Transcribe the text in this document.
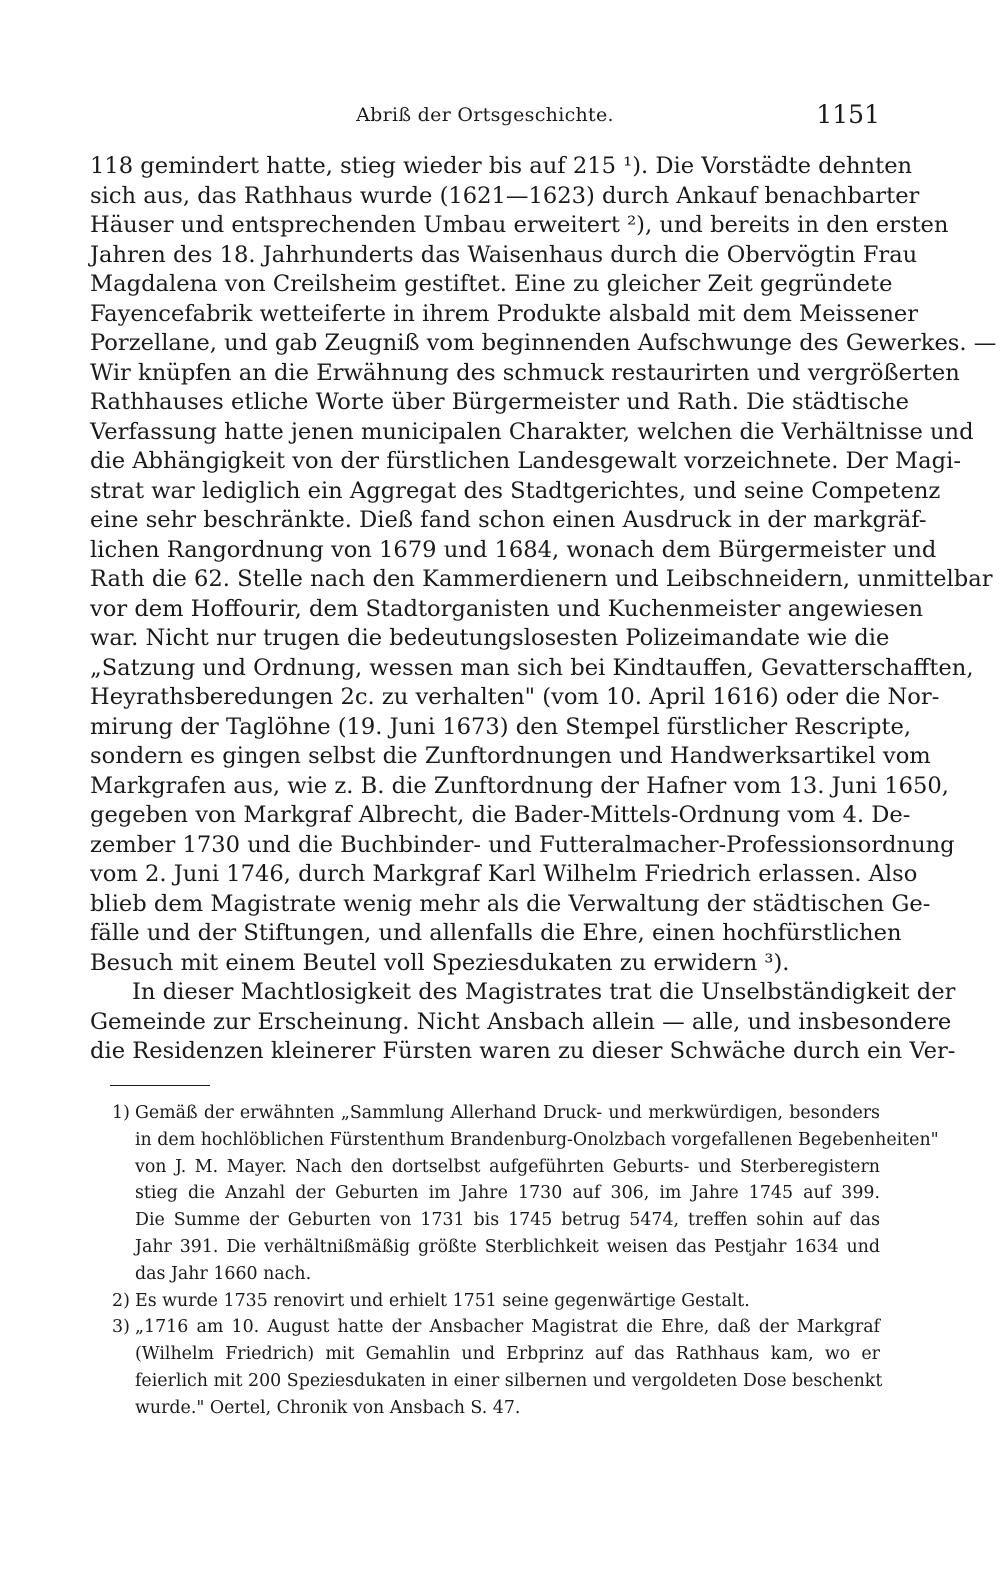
Abriß der Ortsgeschichte.	1151
118 gemindert hatte, stieg wieder bis auf 215 ¹). Die Vorstädte dehnten
sich aus, das Rathhaus wurde (1621—1623) durch Ankauf benachbarter
Häuser und entsprechenden Umbau erweitert ²), und bereits in den ersten
Jahren des 18. Jahrhunderts das Waisenhaus durch die Obervögtin Frau
Magdalena von Creilsheim gestiftet. Eine zu gleicher Zeit gegründete
Fayencefabrik wetteiferte in ihrem Produkte alsbald mit dem Meissener
Porzellane, und gab Zeugniß vom beginnenden Aufschwunge des Gewerkes. —
Wir knüpfen an die Erwähnung des schmuck restaurirten und vergrößerten
Rathhauses etliche Worte über Bürgermeister und Rath. Die städtische
Verfassung hatte jenen municipalen Charakter, welchen die Verhältnisse und
die Abhängigkeit von der fürstlichen Landesgewalt vorzeichnete. Der Magi-
strat war lediglich ein Aggregat des Stadtgerichtes, und seine Competenz
eine sehr beschränkte. Dieß fand schon einen Ausdruck in der markgräf-
lichen Rangordnung von 1679 und 1684, wonach dem Bürgermeister und
Rath die 62. Stelle nach den Kammerdienern und Leibschneidern, unmittelbar
vor dem Hoffourir, dem Stadtorganisten und Kuchenmeister angewiesen
war. Nicht nur trugen die bedeutungslosesten Polizeimandate wie die
„Satzung und Ordnung, wessen man sich bei Kindtauffen, Gevatterschafften,
Heyrathsberedungen 2c. zu verhalten" (vom 10. April 1616) oder die Nor-
mirung der Taglöhne (19. Juni 1673) den Stempel fürstlicher Rescripte,
sondern es gingen selbst die Zunftordnungen und Handwerksartikel vom
Markgrafen aus, wie z. B. die Zunftordnung der Hafner vom 13. Juni 1650,
gegeben von Markgraf Albrecht, die Bader-Mittels-Ordnung vom 4. De-
zember 1730 und die Buchbinder- und Futteralmacher-Professionsordnung
vom 2. Juni 1746, durch Markgraf Karl Wilhelm Friedrich erlassen. Also
blieb dem Magistrate wenig mehr als die Verwaltung der städtischen Ge-
fälle und der Stiftungen, und allenfalls die Ehre, einen hochfürstlichen
Besuch mit einem Beutel voll Speziesdukaten zu erwidern ³).
In dieser Machtlosigkeit des Magistrates trat die Unselbständigkeit der
Gemeinde zur Erscheinung. Nicht Ansbach allein — alle, und insbesondere
die Residenzen kleinerer Fürsten waren zu dieser Schwäche durch ein Ver-
1) Gemäß der erwähnten „Sammlung Allerhand Druck- und merkwürdigen, besonders
in dem hochlöblichen Fürstenthum Brandenburg-Onolzbach vorgefallenen Begebenheiten"
von J. M. Mayer. Nach den dortselbst aufgeführten Geburts- und Sterberegistern
stieg die Anzahl der Geburten im Jahre 1730 auf 306, im Jahre 1745 auf 399.
Die Summe der Geburten von 1731 bis 1745 betrug 5474, treffen sohin auf das
Jahr 391. Die verhältnißmäßig größte Sterblichkeit weisen das Pestjahr 1634 und
das Jahr 1660 nach.
2) Es wurde 1735 renovirt und erhielt 1751 seine gegenwärtige Gestalt.
3) „1716 am 10. August hatte der Ansbacher Magistrat die Ehre, daß der Markgraf
(Wilhelm Friedrich) mit Gemahlin und Erbprinz auf das Rathhaus kam, wo er
feierlich mit 200 Speziesdukaten in einer silbernen und vergoldeten Dose beschenkt
wurde." Oertel, Chronik von Ansbach S. 47.
